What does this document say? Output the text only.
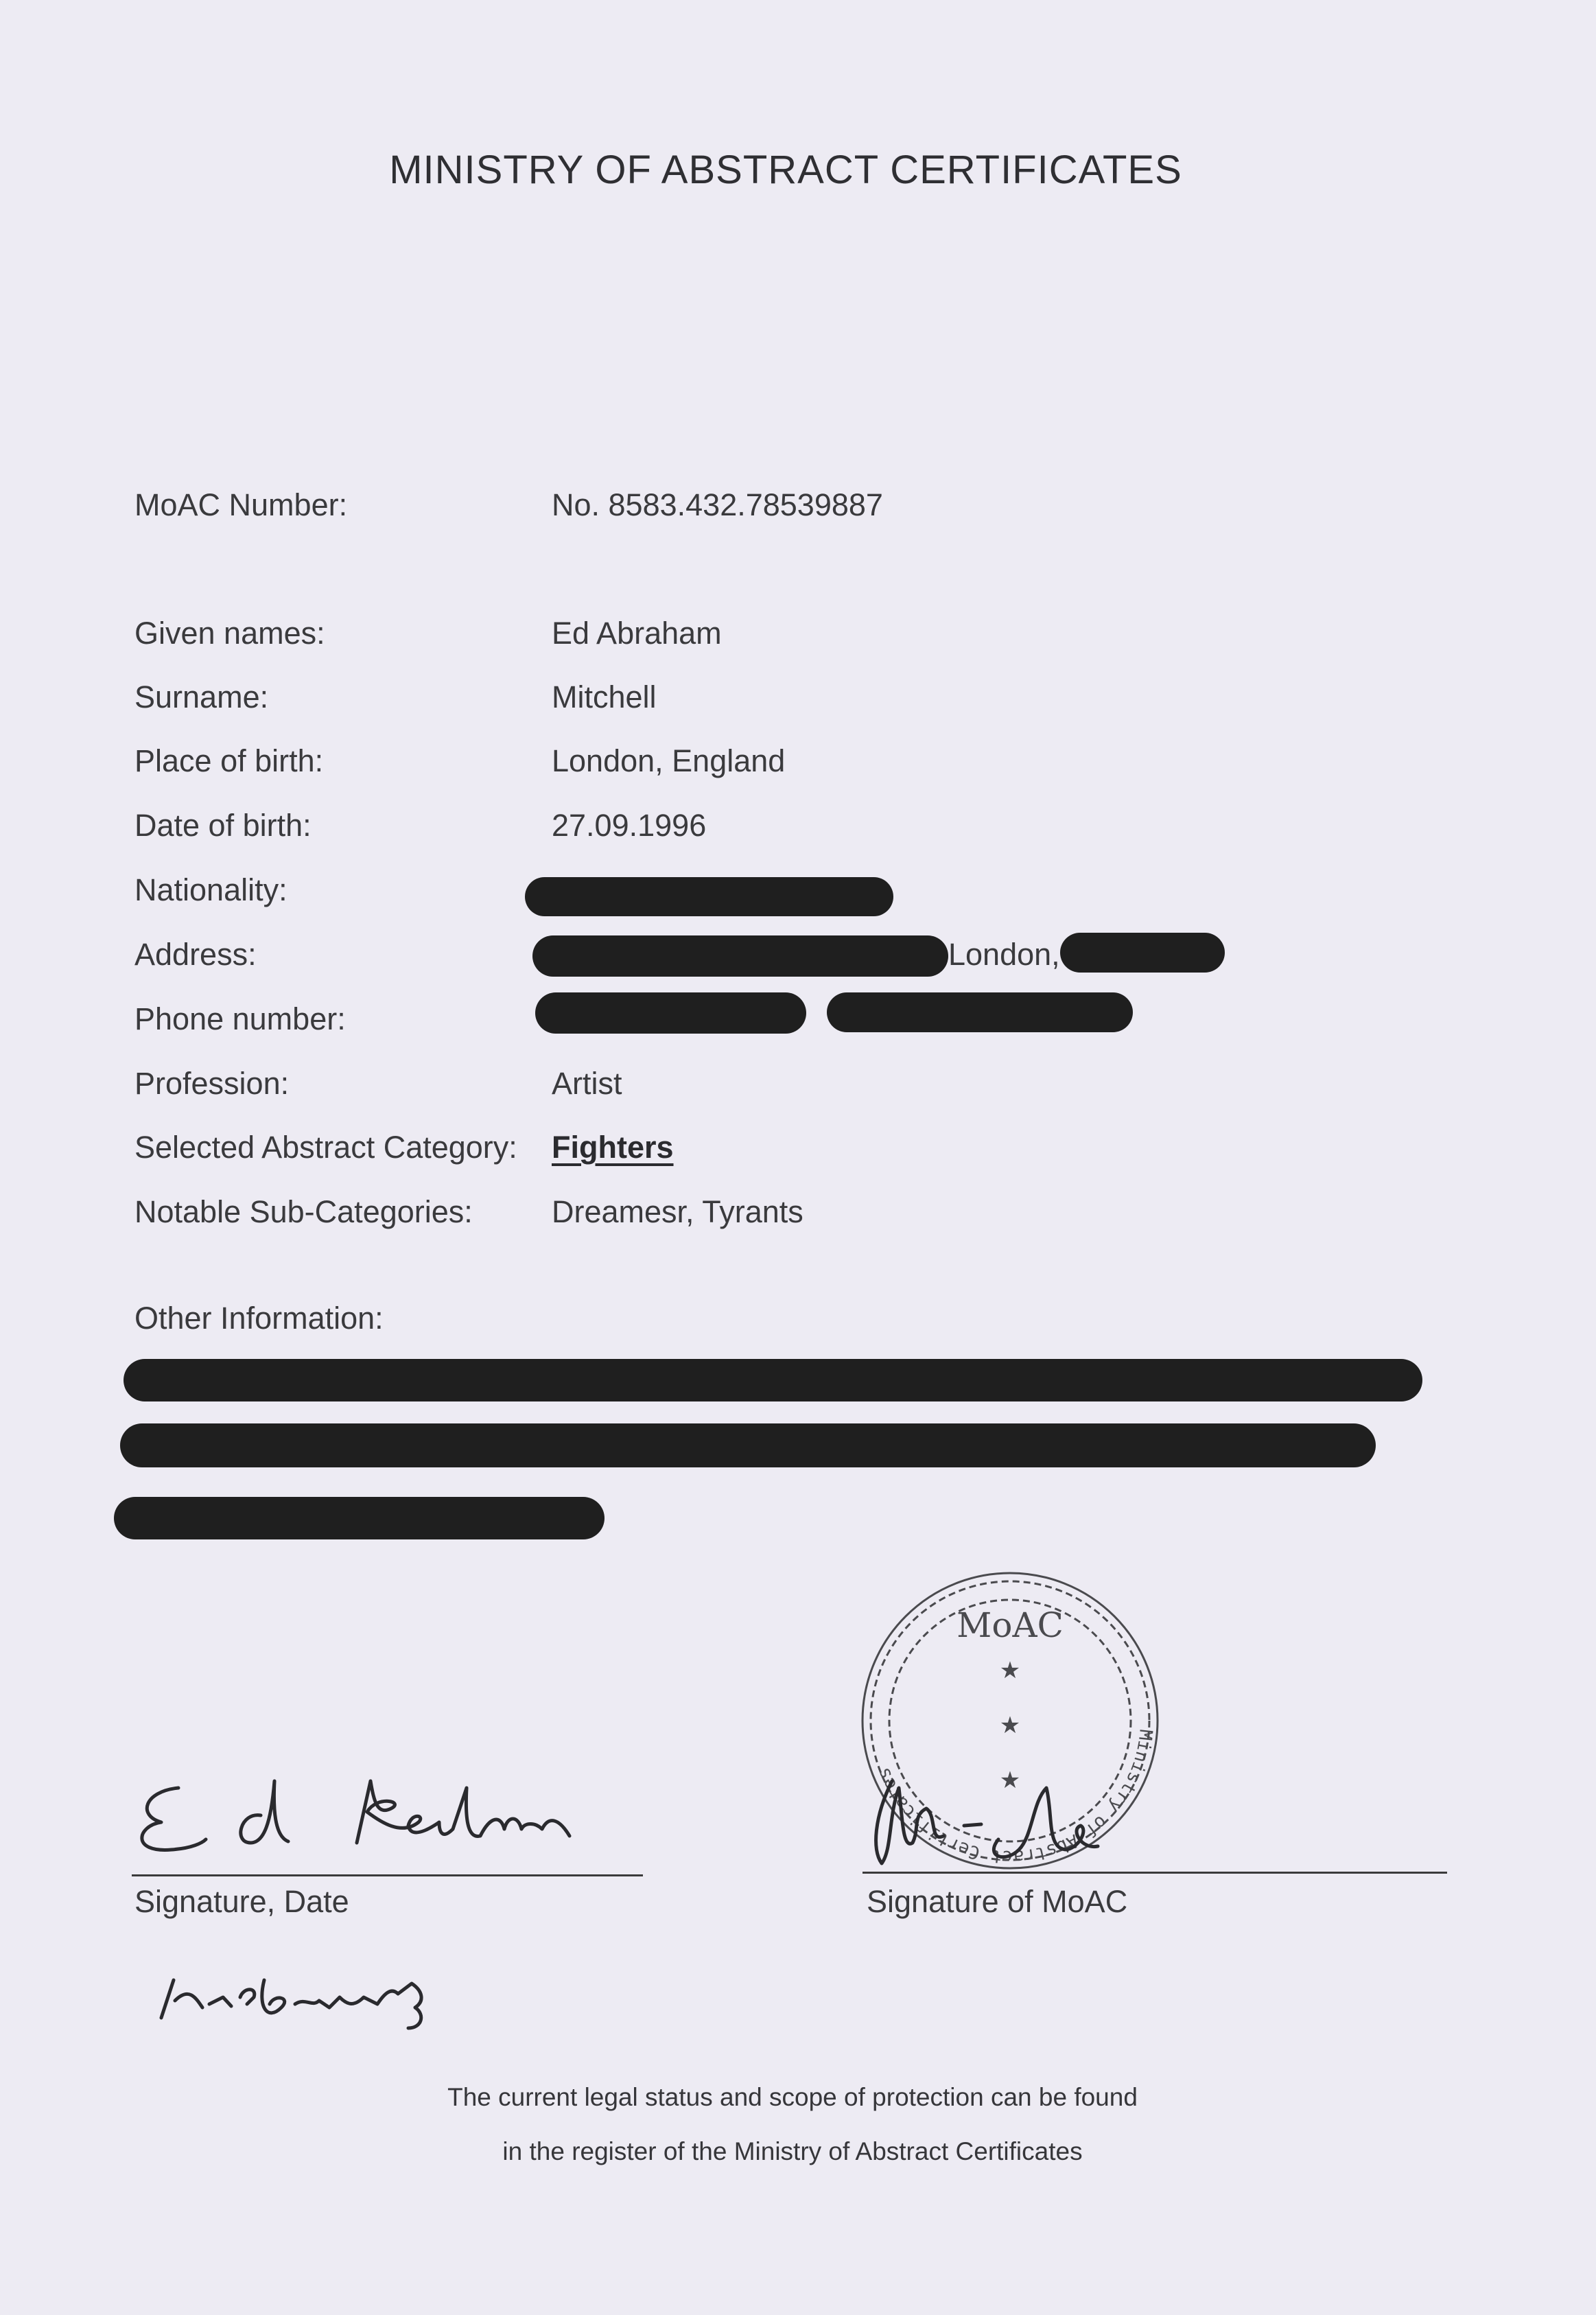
MINISTRY OF ABSTRACT CERTIFICATES
MoAC Number:	No. 8583.432.78539887
Given names:	Ed Abraham
Surname:	Mitchell
Place of birth:	London, England
Date of birth:	27.09.1996
Nationality:
Address:	London,
Phone number:
Profession:	Artist
Selected Abstract Category: Fighters
Notable Sub-Categories:	Dreamesr, Tyrants
Other Information:
Signature, Date
MoAC
Ministry of Abstract Certificates
★
★
★
Signature of MoAC
The current legal status and scope of protection can be found
in the register of the Ministry of Abstract Certificates
